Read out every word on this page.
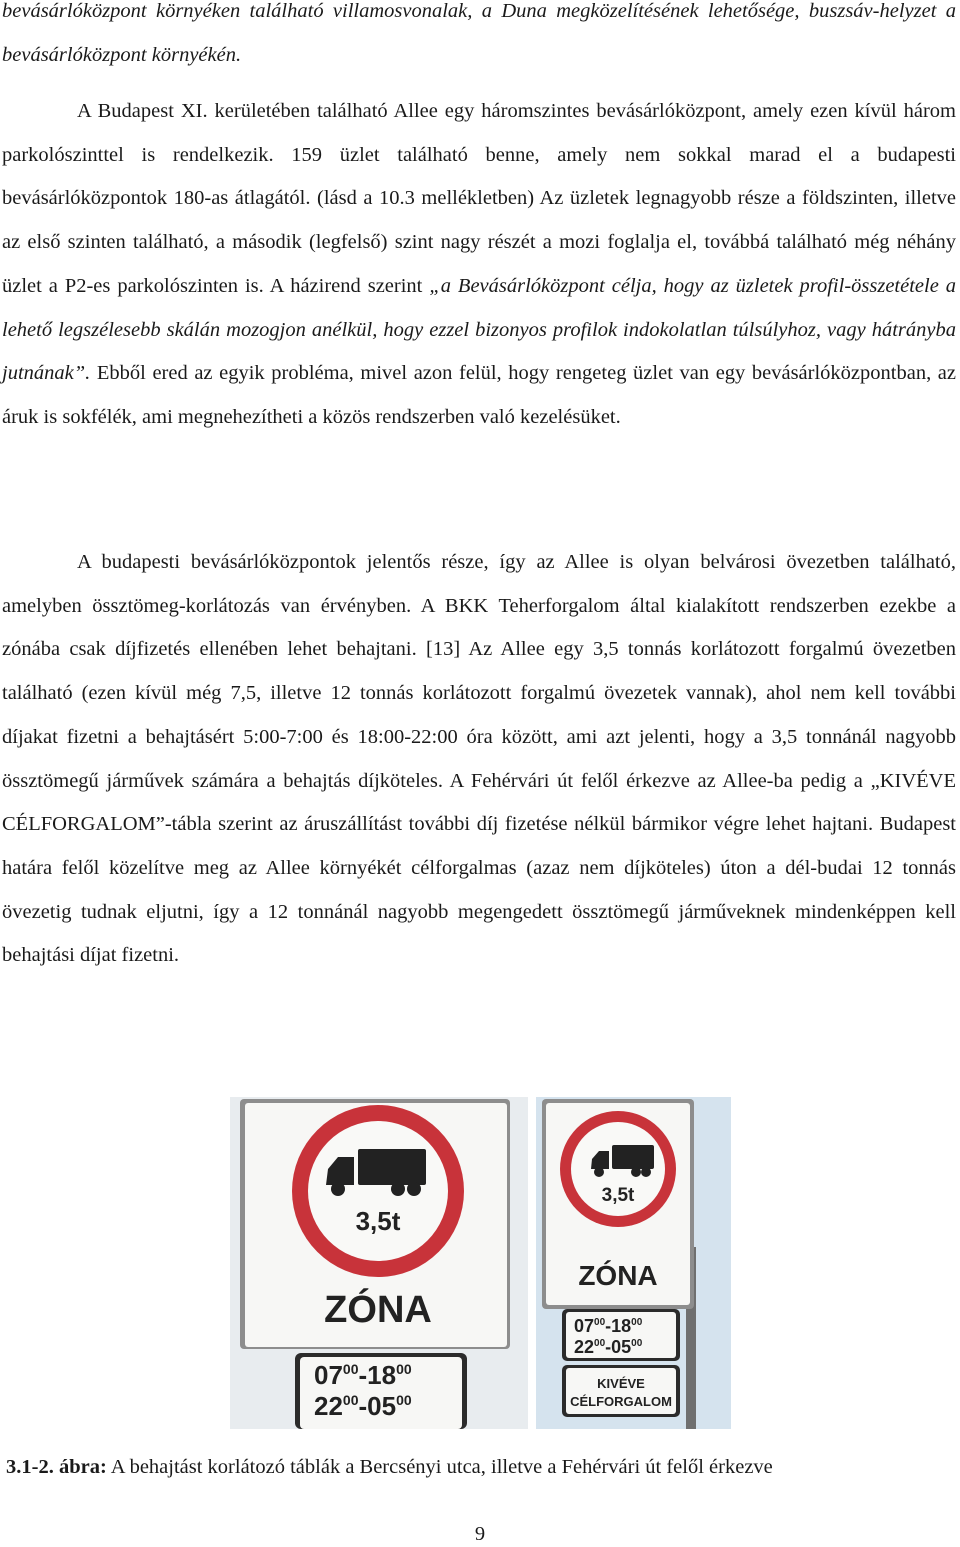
bevásárlóközpont környéken található villamosvonalak, a Duna megközelítésének lehetősége, buszsáv-helyzet a bevásárlóközpont környékén.

A Budapest XI. kerületében található Allee egy háromszintes bevásárlóközpont, amely ezen kívül három parkolószinttel is rendelkezik. 159 üzlet található benne, amely nem sokkal marad el a budapesti bevásárlóközpontok 180-as átlagától. (lásd a 10.3 mellékletben) Az üzletek legnagyobb része a földszinten, illetve az első szinten található, a második (legfelső) szint nagy részét a mozi foglalja el, továbbá található még néhány üzlet a P2-es parkolószinten is. A házirend szerint „a Bevásárlóközpont célja, hogy az üzletek profil-összetétele a lehető legszélesebb skálán mozogjon anélkül, hogy ezzel bizonyos profilok indokolatlan túlsúlyhoz, vagy hátrányba jutnának”. Ebből ered az egyik probléma, mivel azon felül, hogy rengeteg üzlet van egy bevásárlóközpontban, az áruk is sokfélék, ami megnehezítheti a közös rendszerben való kezelésüket.

A budapesti bevásárlóközpontok jelentős része, így az Allee is olyan belvárosi övezetben található, amelyben össztömeg-korlátozás van érvényben. A BKK Teherforgalom által kialakított rendszerben ezekbe a zónába csak díjfizetés ellenében lehet behajtani. [13] Az Allee egy 3,5 tonnás korlátozott forgalmú övezetben található (ezen kívül még 7,5, illetve 12 tonnás korlátozott forgalmú övezetek vannak), ahol nem kell további díjakat fizetni a behajtásért 5:00-7:00 és 18:00-22:00 óra között, ami azt jelenti, hogy a 3,5 tonnánál nagyobb össztömegű járművek számára a behajtás díjköteles. A Fehérvári út felől érkezve az Allee-ba pedig a „KIVÉVE CÉLFORGALOM”-tábla szerint az áruszállítást további díj fizetése nélkül bármikor végre lehet hajtani. Budapest határa felől közelítve meg az Allee környékét célforgalmas (azaz nem díjköteles) úton a dél-budai 12 tonnás övezetig tudnak eljutni, így a 12 tonnánál nagyobb megengedett össztömegű járműveknek mindenképpen kell behajtási díjat fizetni.

3,5t
ZÓNA
$07^{00}-18^{00}$
$22^{00}-05^{00}$
3,5t
ZÓNA
$07^{00}-18^{00}$
$22^{00}-05^{00}$
KIVÉVE
CÉLFORGALOM
3.1-2. ábra: A behajtást korlátozó táblák a Bercsényi utca, illetve a Fehérvári út felől érkezve
9
